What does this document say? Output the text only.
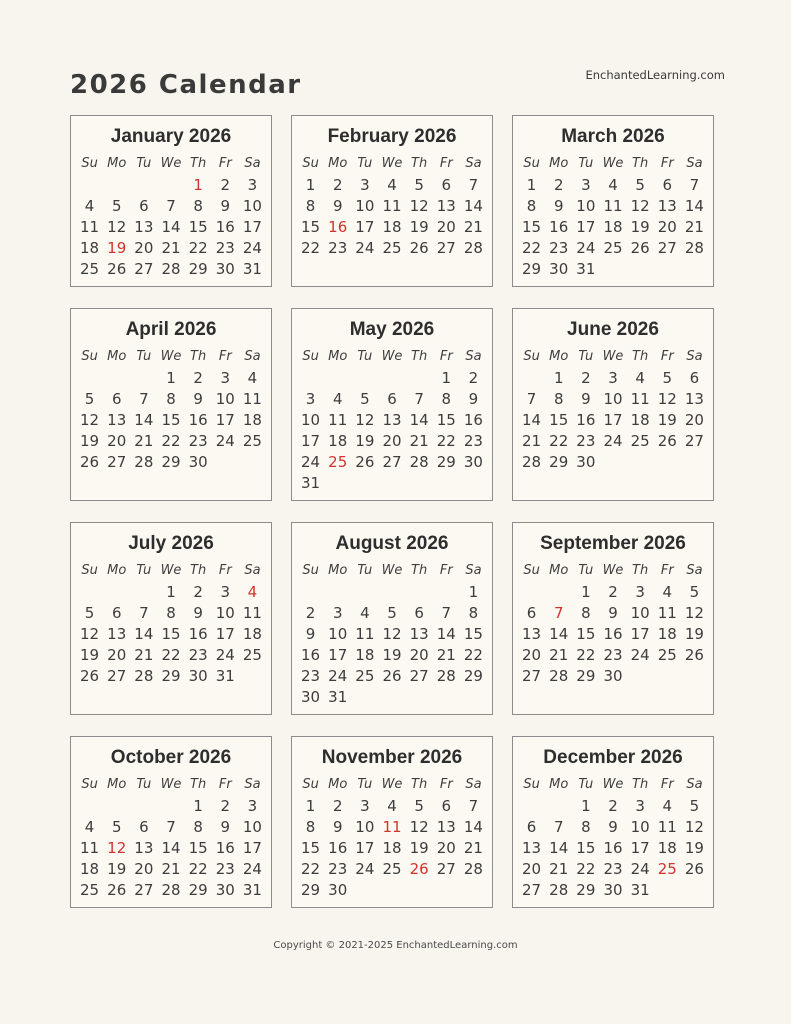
2026 Calendar	EnchantedLearning.com
January 2026
Su	Mo	Tu	We	Th	Fr	Sa
				1	2	3
4	5	6	7	8	9	10
11	12	13	14	15	16	17
18	19	20	21	22	23	24
25	26	27	28	29	30	31
February 2026
Su	Mo	Tu	We	Th	Fr	Sa
1	2	3	4	5	6	7
8	9	10	11	12	13	14
15	16	17	18	19	20	21
22	23	24	25	26	27	28
March 2026
Su	Mo	Tu	We	Th	Fr	Sa
1	2	3	4	5	6	7
8	9	10	11	12	13	14
15	16	17	18	19	20	21
22	23	24	25	26	27	28
29	30	31				
April 2026
Su	Mo	Tu	We	Th	Fr	Sa
			1	2	3	4
5	6	7	8	9	10	11
12	13	14	15	16	17	18
19	20	21	22	23	24	25
26	27	28	29	30		
May 2026
Su	Mo	Tu	We	Th	Fr	Sa
					1	2
3	4	5	6	7	8	9
10	11	12	13	14	15	16
17	18	19	20	21	22	23
24	25	26	27	28	29	30
31						
June 2026
Su	Mo	Tu	We	Th	Fr	Sa
	1	2	3	4	5	6
7	8	9	10	11	12	13
14	15	16	17	18	19	20
21	22	23	24	25	26	27
28	29	30				
July 2026
Su	Mo	Tu	We	Th	Fr	Sa
			1	2	3	4
5	6	7	8	9	10	11
12	13	14	15	16	17	18
19	20	21	22	23	24	25
26	27	28	29	30	31	
August 2026
Su	Mo	Tu	We	Th	Fr	Sa
						1
2	3	4	5	6	7	8
9	10	11	12	13	14	15
16	17	18	19	20	21	22
23	24	25	26	27	28	29
30	31					
September 2026
Su	Mo	Tu	We	Th	Fr	Sa
		1	2	3	4	5
6	7	8	9	10	11	12
13	14	15	16	17	18	19
20	21	22	23	24	25	26
27	28	29	30			
October 2026
Su	Mo	Tu	We	Th	Fr	Sa
				1	2	3
4	5	6	7	8	9	10
11	12	13	14	15	16	17
18	19	20	21	22	23	24
25	26	27	28	29	30	31
November 2026
Su	Mo	Tu	We	Th	Fr	Sa
1	2	3	4	5	6	7
8	9	10	11	12	13	14
15	16	17	18	19	20	21
22	23	24	25	26	27	28
29	30					
December 2026
Su	Mo	Tu	We	Th	Fr	Sa
		1	2	3	4	5
6	7	8	9	10	11	12
13	14	15	16	17	18	19
20	21	22	23	24	25	26
27	28	29	30	31		
Copyright © 2021-2025 EnchantedLearning.com
